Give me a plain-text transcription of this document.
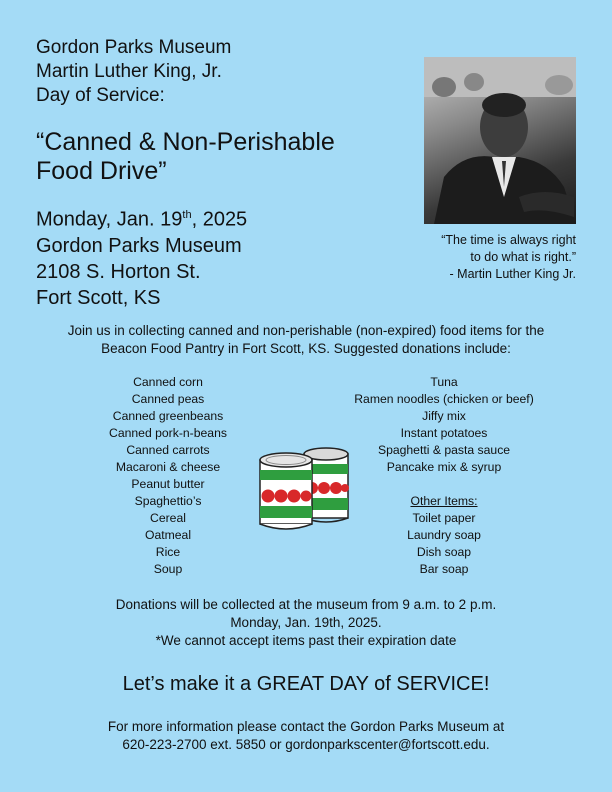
Gordon Parks Museum
Martin Luther King, Jr.
Day of Service:
“Canned & Non-Perishable
Food Drive”
Monday, Jan. 19th, 2025
Gordon Parks Museum
2108 S. Horton St.
Fort Scott, KS
“The time is always right
to do what is right.”
- Martin Luther King Jr.
Join us in collecting canned and non-perishable (non-expired) food items for the
Beacon Food Pantry in Fort Scott, KS. Suggested donations include:
Canned corn
Canned peas
Canned greenbeans
Canned pork-n-beans
Canned carrots
Macaroni & cheese
Peanut butter
Spaghettio’s
Cereal
Oatmeal
Rice
Soup
Tuna
Ramen noodles (chicken or beef)
Jiffy mix
Instant potatoes
Spaghetti & pasta sauce
Pancake mix & syrup
Other Items:
Toilet paper
Laundry soap
Dish soap
Bar soap
Donations will be collected at the museum from 9 a.m. to 2 p.m.
Monday, Jan. 19th, 2025.
*We cannot accept items past their expiration date
Let’s make it a GREAT DAY of SERVICE!
For more information please contact the Gordon Parks Museum at
620-223-2700 ext. 5850 or gordonparkscenter@fortscott.edu.
